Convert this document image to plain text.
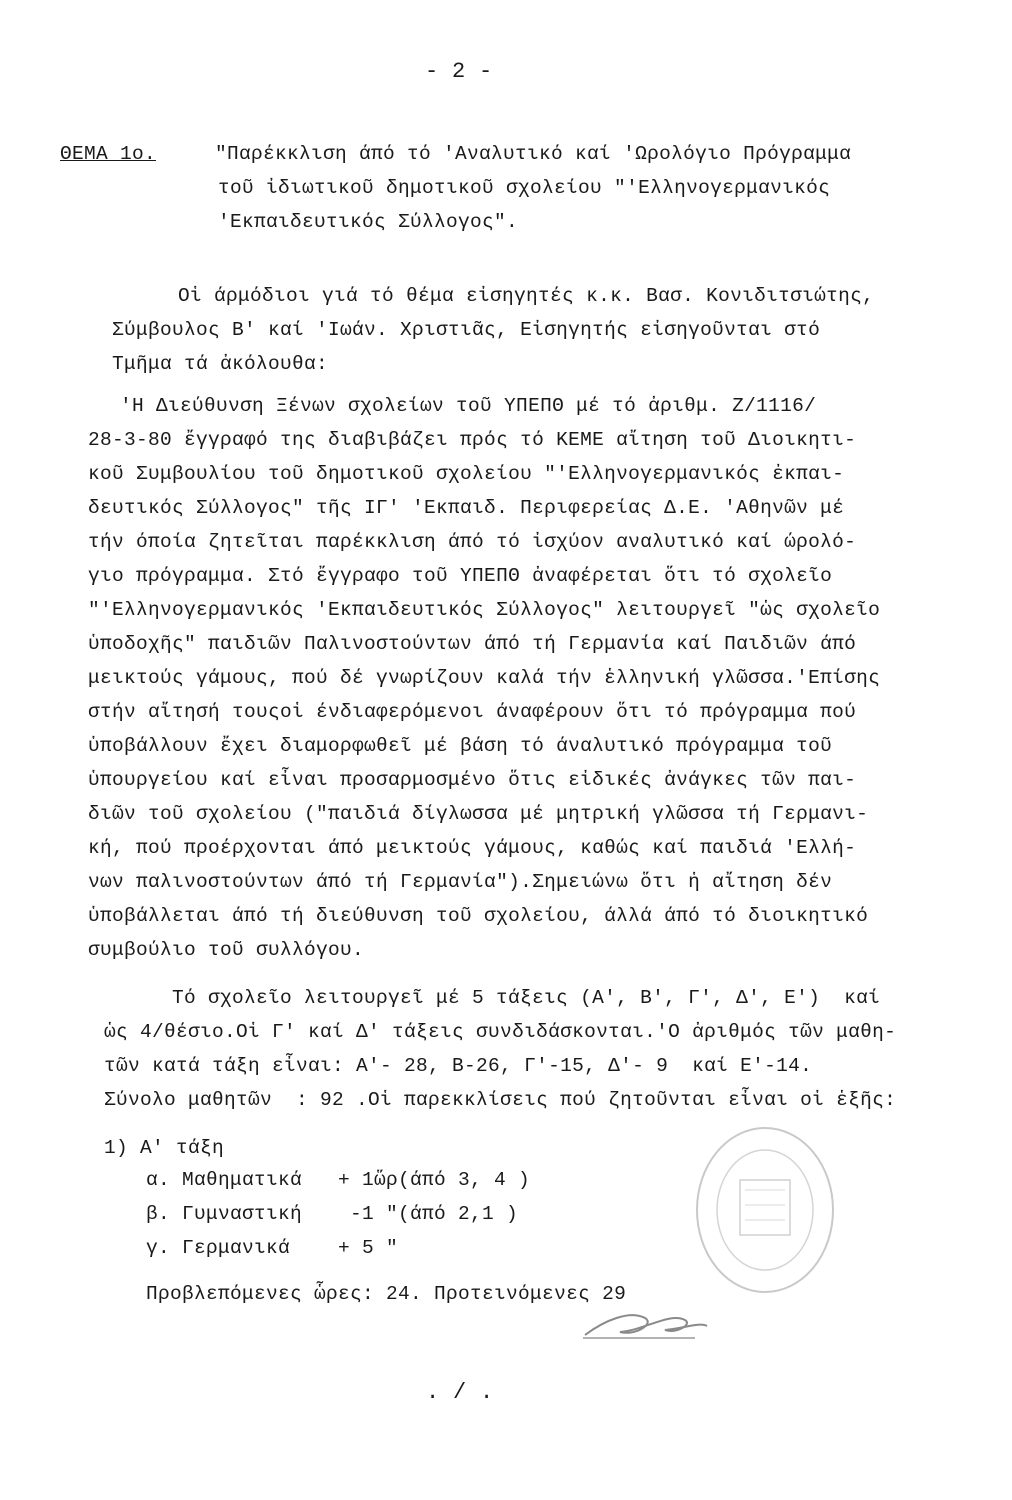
- 2 -
ΘΕΜΑ 1ο.	"Παρέκκλιση άπό τό 'Αναλυτικό καί 'Ωρολόγιο Πρόγραμμα
τοῦ ἰδιωτικοῦ δημοτικοῦ σχολείου "'Ελληνογερμανικός
'Εκπαιδευτικός Σύλλογος".
Οἱ άρμόδιοι γιά τό θέμα εἰσηγητές κ.κ. Βασ. Κονιδιτσιώτης,
Σύμβουλος Β' καί 'Ιωάν. Χριστιᾶς, Εἰσηγητής εἰσηγοῦνται στό
Τμῆμα τά ἀκόλουθα:
'Η Διεύθυνση Ξένων σχολείων τοῦ ΥΠΕΠΘ μέ τό ἀριθμ. Ζ/1116/
28-3-80 ἔγγραφό της διαβιβάζει πρός τό ΚΕΜΕ αἴτηση τοῦ Διοικητι-
κοῦ Συμβουλίου τοῦ δημοτικοῦ σχολείου "'Ελληνογερμανικός ἐκπαι-
δευτικός Σύλλογος" τῆς ΙΓ' 'Εκπαιδ. Περιφερείας Δ.Ε. 'Αθηνῶν μέ
τήν όποία ζητεῖται παρέκκλιση άπό τό ἰσχύον αναλυτικό καί ώρολό-
γιο πρόγραμμα. Στό ἔγγραφο τοῦ ΥΠΕΠΘ ἀναφέρεται ὅτι τό σχολεῖο
"'Ελληνογερμανικός 'Εκπαιδευτικός Σύλλογος" λειτουργεῖ "ὡς σχολεῖο
ὑποδοχῆς" παιδιῶν Παλινοστούντων άπό τή Γερμανία καί Παιδιῶν άπό
μεικτούς γάμους, πού δέ γνωρίζουν καλά τήν ἑλληνική γλῶσσα.'Επίσης
στήν αἴτησή τουςοἱ ένδιαφερόμενοι άναφέρουν ὅτι τό πρόγραμμα πού
ὑποβάλλουν ἔχει διαμορφωθεῖ μέ βάση τό άναλυτικό πρόγραμμα τοῦ
ὑπουργείου καί εἶναι προσαρμοσμένο ὅτις εἰδικές ἀνάγκες τῶν παι-
διῶν τοῦ σχολείου ("παιδιά δίγλωσσα μέ μητρική γλῶσσα τή Γερμανι-
κή, πού προέρχονται άπό μεικτούς γάμους, καθώς καί παιδιά 'Ελλή-
νων παλινοστούντων άπό τή Γερμανία").Σημειώνω ὅτι ἡ αἴτηση δέν
ὑποβάλλεται άπό τή διεύθυνση τοῦ σχολείου, άλλά άπό τό διοικητικό
συμβούλιο τοῦ συλλόγου.
Τό σχολεῖο λειτουργεῖ μέ 5 τάξεις (Α', Β', Γ', Δ', Ε')  καί
ὡς 4/θέσιο.Οἱ Γ' καί Δ' τάξεις συνδιδάσκονται.'Ο ἀριθμός τῶν μαθη-
τῶν κατά τάξη εἶναι: Α'- 28, Β-26, Γ'-15, Δ'- 9  καί Ε'-14.
Σύνολο μαθητῶν  : 92 .Οἱ παρεκκλίσεις πού ζητοῦνται εἶναι οἱ ἑξῆς:
1) Α' τάξη
α. Μαθηματικά   + 1ὥρ(άπό 3, 4 )
β. Γυμναστική    -1 "(άπό 2,1 )
γ. Γερμανικά    + 5 "
Προβλεπόμενες ὧρες: 24. Προτεινόμενες 29
. / .
